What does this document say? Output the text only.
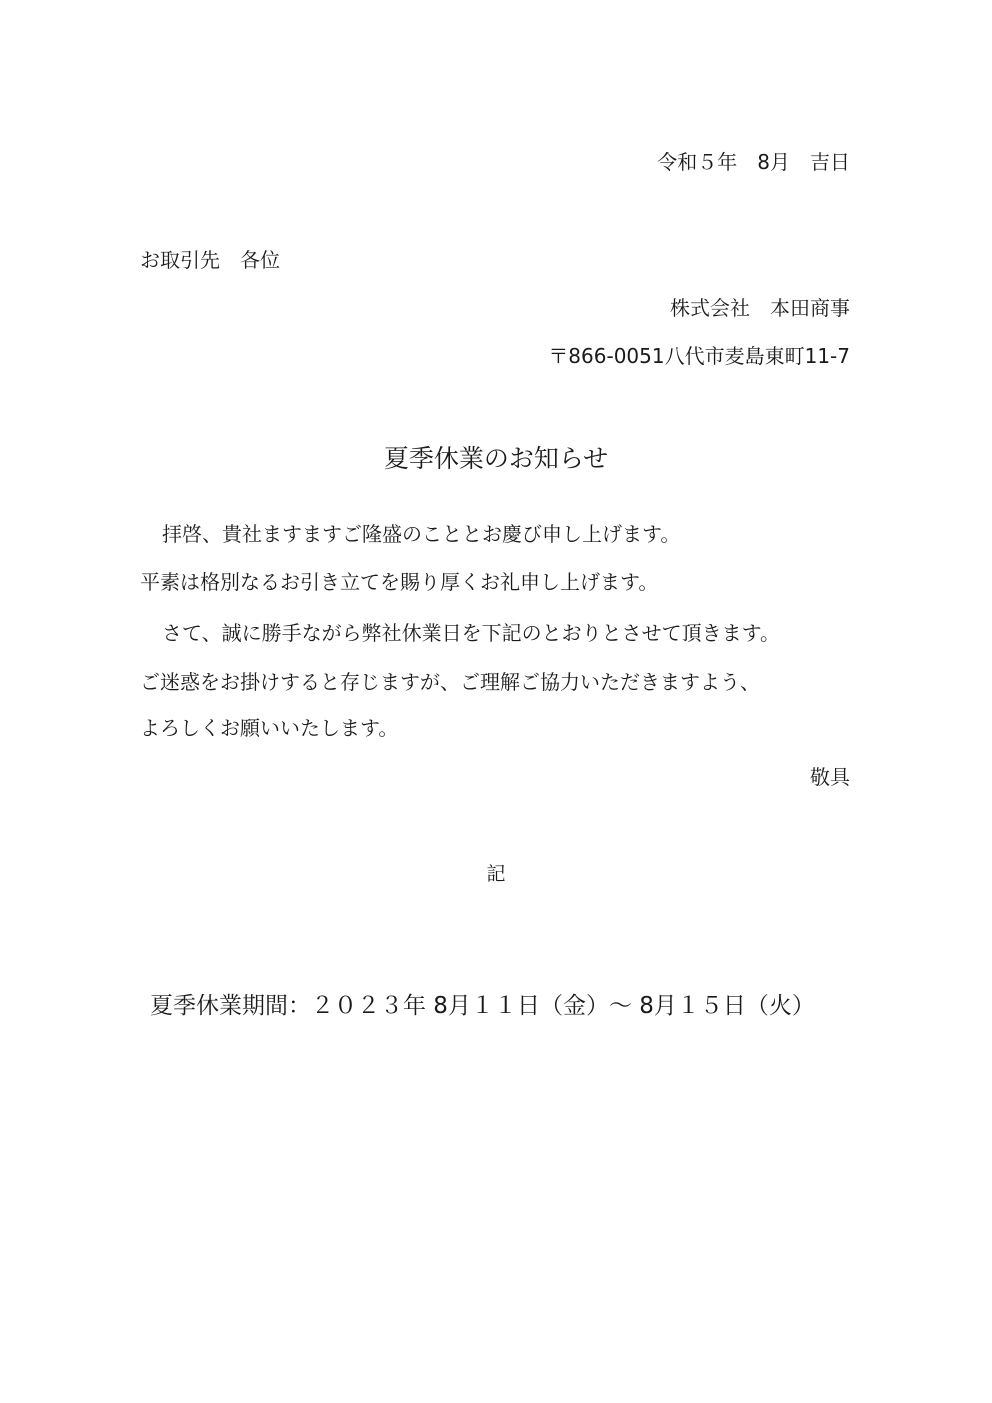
令和５年　8月　吉日
お取引先　各位
株式会社　本田商事
〒866-0051八代市麦島東町11-7
夏季休業のお知らせ
拝啓、貴社ますますご隆盛のこととお慶び申し上げます。
平素は格別なるお引き立てを賜り厚くお礼申し上げます。
さて、誠に勝手ながら弊社休業日を下記のとおりとさせて頂きます。
ご迷惑をお掛けすると存じますが、ご理解ご協力いただきますよう、
よろしくお願いいたします。
敬具
記
夏季休業期間：２０２３年 8月１１日（金）～ 8月１５日（火）
